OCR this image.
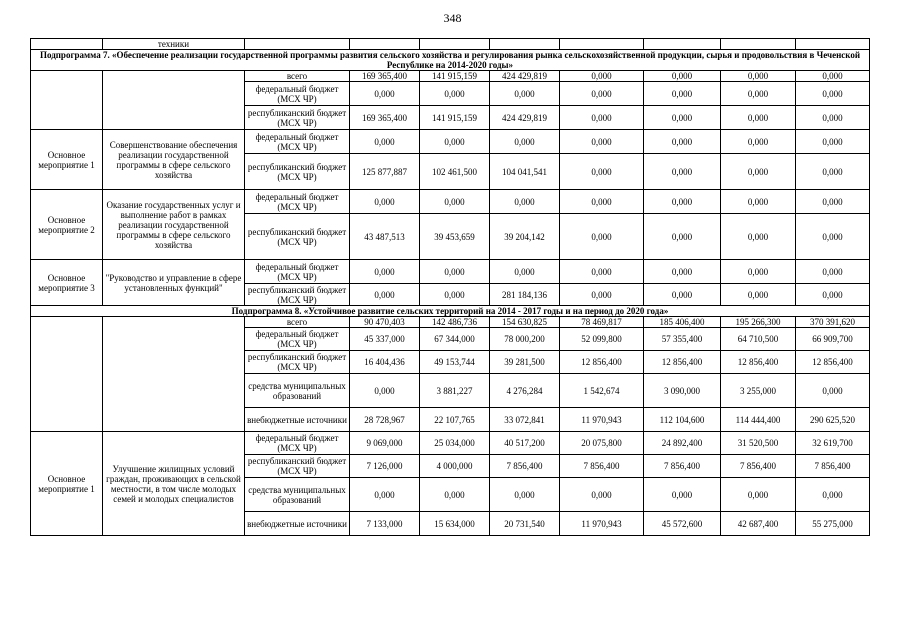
348
	техники								
Подпрограмма 7. «Обеспечение реализации государственной программы развития сельского хозяйства и регулирования рынка сельскохозяйственной продукции, сырья и продовольствия в Чеченской Республике на 2014-2020 годы»									
		всего	169 365,400	141 915,159	424 429,819	0,000	0,000	0,000	0,000
		федеральный бюджет (МСХ ЧР)	0,000	0,000	0,000	0,000	0,000	0,000	0,000
		республиканский бюджет (МСХ ЧР)	169 365,400	141 915,159	424 429,819	0,000	0,000	0,000	0,000
Основное мероприятие 1	Совершенствование обеспечения реализации государственной программы в сфере сельского хозяйства	федеральный бюджет (МСХ ЧР)	0,000	0,000	0,000	0,000	0,000	0,000	0,000
		республиканский бюджет (МСХ ЧР)	125 877,887	102 461,500	104 041,541	0,000	0,000	0,000	0,000
Основное мероприятие 2	Оказание государственных услуг и выполнение работ в рамках реализации государственной программы в сфере сельского хозяйства	федеральный бюджет (МСХ ЧР)	0,000	0,000	0,000	0,000	0,000	0,000	0,000
		республиканский бюджет (МСХ ЧР)	43 487,513	39 453,659	39 204,142	0,000	0,000	0,000	0,000
Основное мероприятие 3	"Руководство и управление в сфере установленных функций"	федеральный бюджет (МСХ ЧР)	0,000	0,000	0,000	0,000	0,000	0,000	0,000
		республиканский бюджет (МСХ ЧР)	0,000	0,000	281 184,136	0,000	0,000	0,000	0,000
Подпрограмма 8. «Устойчивое развитие сельских территорий на 2014 - 2017 годы и на период до 2020 года»									
		всего	90 470,403	142 486,736	154 630,825	78 469,817	185 406,400	195 266,300	370 391,620
		федеральный бюджет (МСХ ЧР)	45 337,000	67 344,000	78 000,200	52 099,800	57 355,400	64 710,500	66 909,700
		республиканский бюджет (МСХ ЧР)	16 404,436	49 153,744	39 281,500	12 856,400	12 856,400	12 856,400	12 856,400
		средства муниципальных образований	0,000	3 881,227	4 276,284	1 542,674	3 090,000	3 255,000	0,000
		внебюджетные источники	28 728,967	22 107,765	33 072,841	11 970,943	112 104,600	114 444,400	290 625,520
Основное мероприятие 1	Улучшение жилищных условий граждан, проживающих в сельской местности, в том числе молодых семей и молодых специалистов	федеральный бюджет (МСХ ЧР)	9 069,000	25 034,000	40 517,200	20 075,800	24 892,400	31 520,500	32 619,700
		республиканский бюджет (МСХ ЧР)	7 126,000	4 000,000	7 856,400	7 856,400	7 856,400	7 856,400	7 856,400
		средства муниципальных образований	0,000	0,000	0,000	0,000	0,000	0,000	0,000
		внебюджетные источники	7 133,000	15 634,000	20 731,540	11 970,943	45 572,600	42 687,400	55 275,000
